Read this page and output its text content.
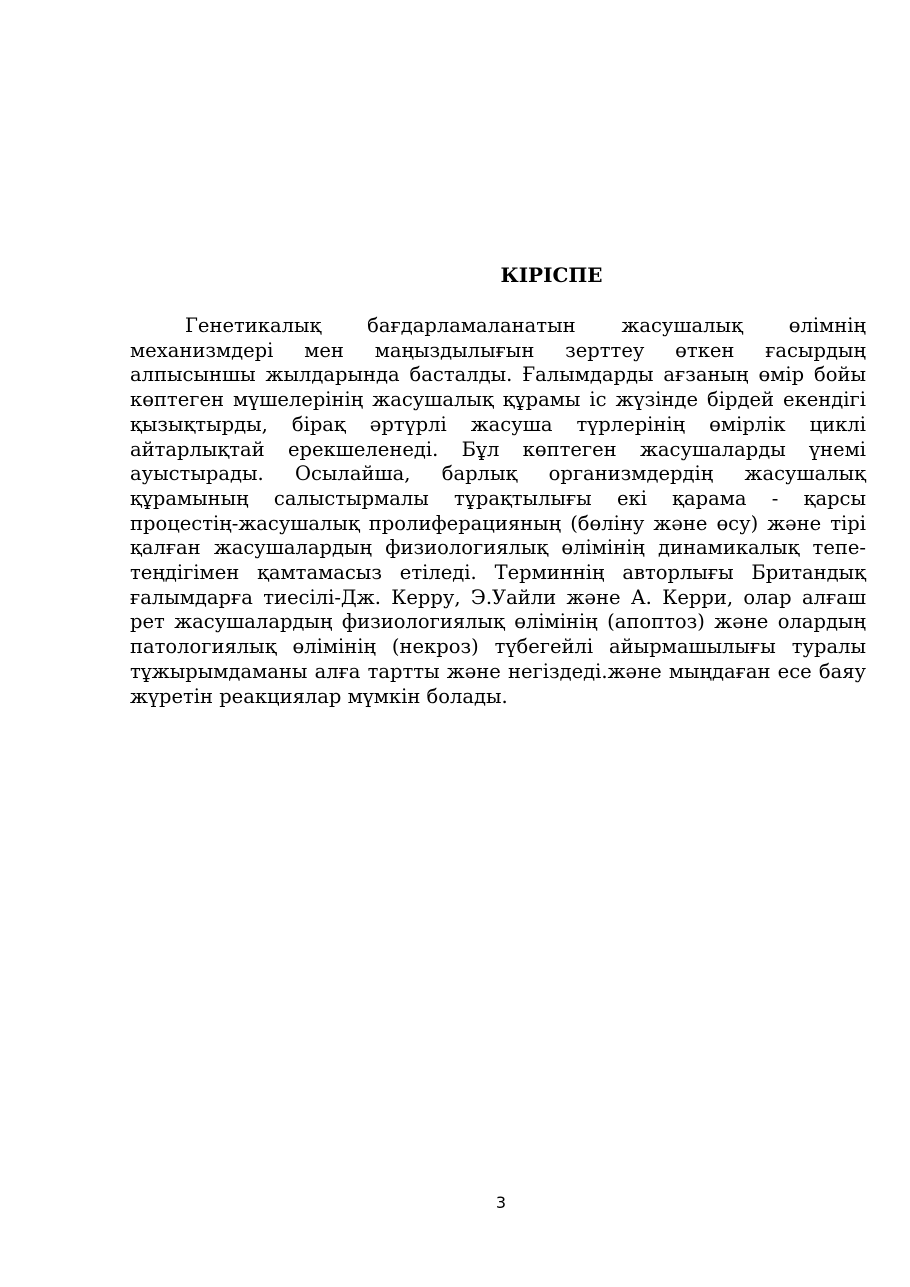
КІРІСПЕ

Генетикалық бағдарламаланатын жасушалық өлімнің механизмдері мен маңыздылығын зерттеу өткен ғасырдың алпысыншы жылдарында басталды. Ғалымдарды ағзаның өмір бойы көптеген мүшелерінің жасушалық құрамы іс жүзінде бірдей екендігі қызықтырды, бірақ әртүрлі жасуша түрлерінің өмірлік циклі айтарлықтай ерекшеленеді. Бұл көптеген жасушаларды үнемі ауыстырады. Осылайша, барлық организмдердің жасушалық құрамының салыстырмалы тұрақтылығы екі қарама - қарсы процестің-жасушалық пролиферацияның (бөліну және өсу) және тірі қалған жасушалардың физиологиялық өлімінің динамикалық тепе-теңдігімен қамтамасыз етіледі. Терминнің авторлығы Британдық ғалымдарға тиесілі-Дж. Керру, Э.Уайли және А. Керри, олар алғаш рет жасушалардың физиологиялық өлімінің (апоптоз) және олардың патологиялық өлімінің (некроз) түбегейлі айырмашылығы туралы тұжырымдаманы алға тартты және негіздеді.және мыңдаған есе баяу жүретін реакциялар мүмкін болады.

3
